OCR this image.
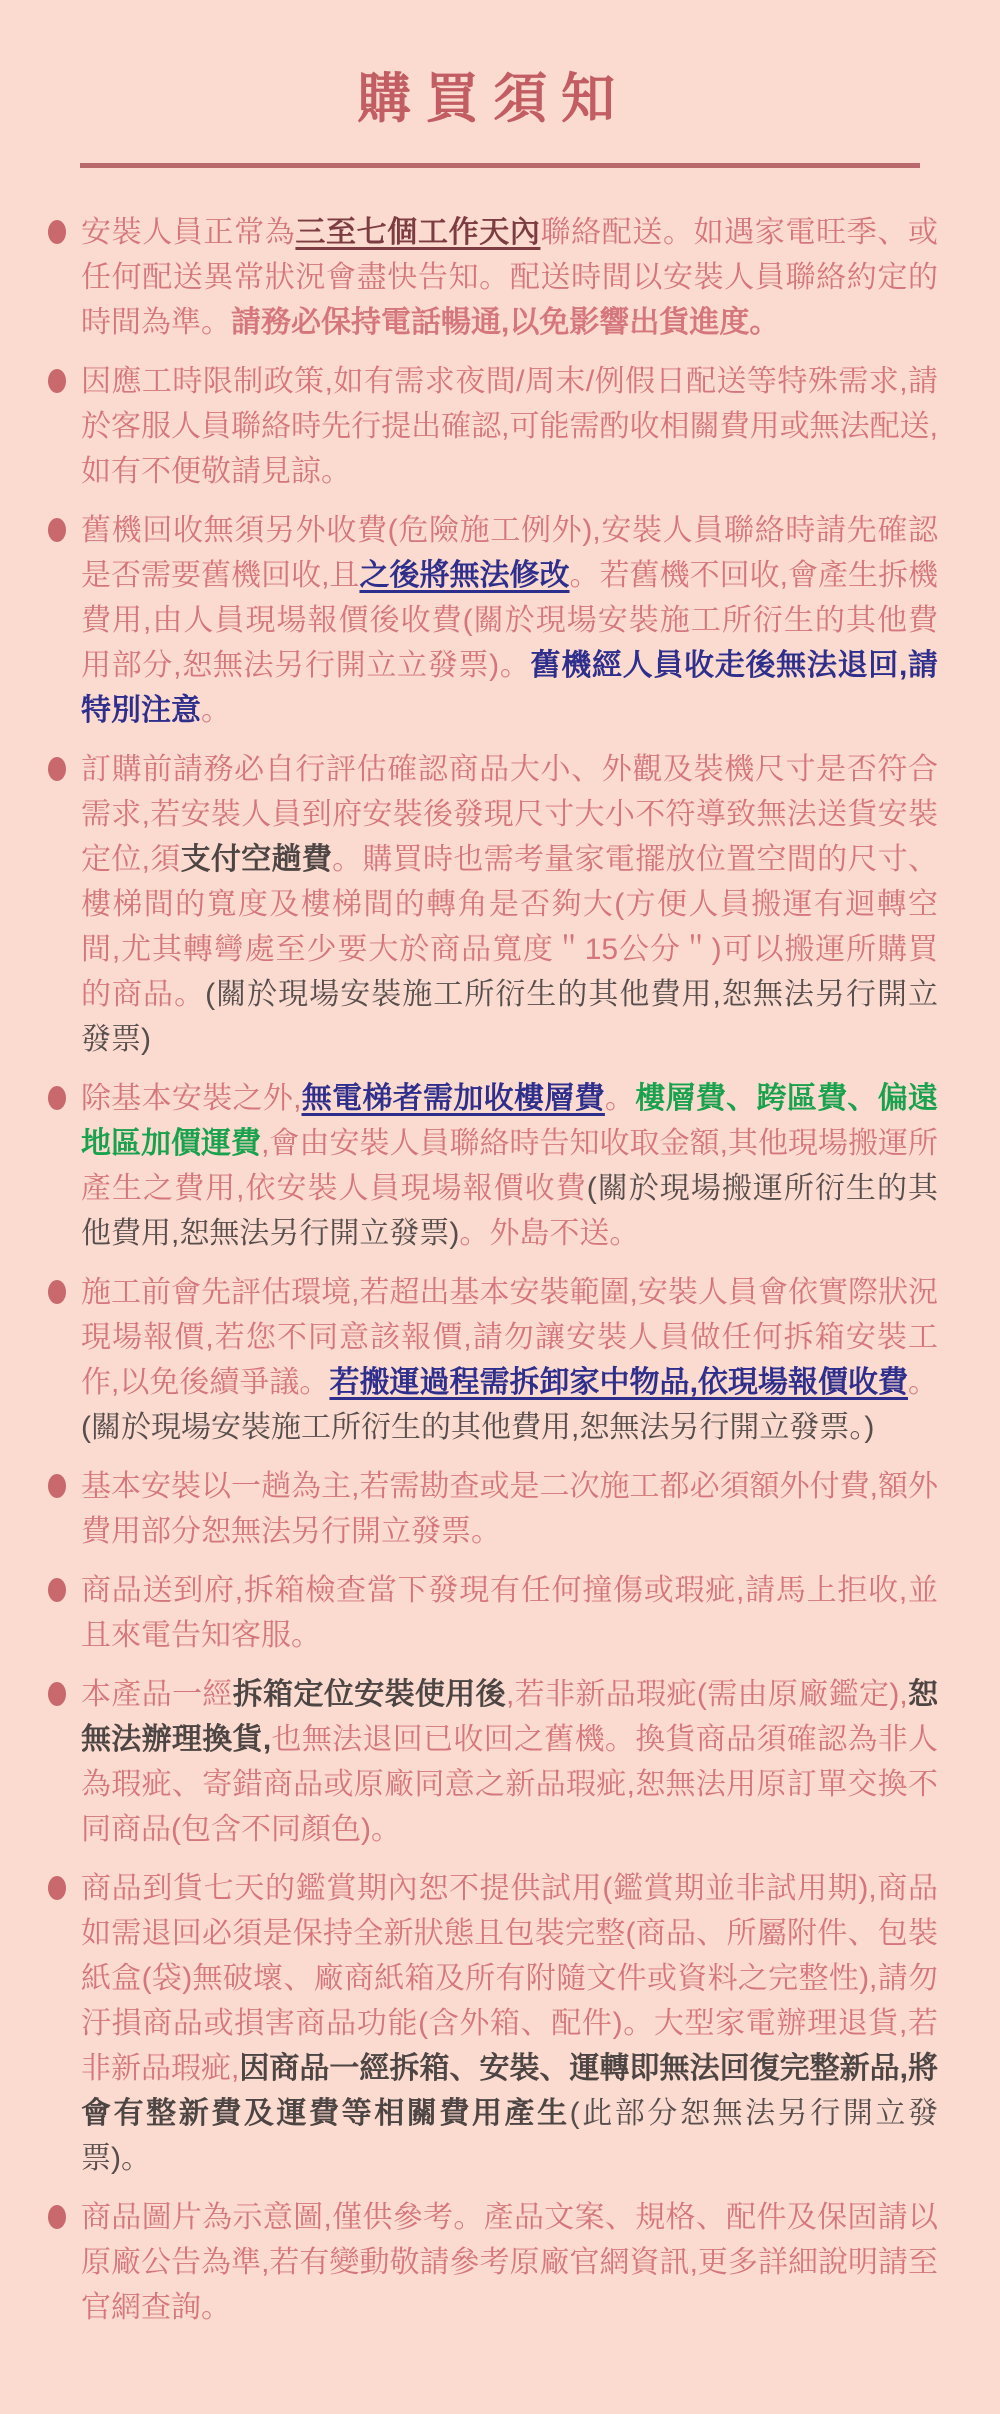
購買須知

安裝人員正常為三至七個工作天內聯絡配送。如遇家電旺季、或任何配送異常狀況會盡快告知。配送時間以安裝人員聯絡約定的時間為準。請務必保持電話暢通,以免影響出貨進度。

因應工時限制政策,如有需求夜間/周末/例假日配送等特殊需求,請於客服人員聯絡時先行提出確認,可能需酌收相關費用或無法配送,如有不便敬請見諒。

舊機回收無須另外收費(危險施工例外),安裝人員聯絡時請先確認是否需要舊機回收,且之後將無法修改。若舊機不回收,會產生拆機費用,由人員現場報價後收費(關於現場安裝施工所衍生的其他費用部分,恕無法另行開立立發票)。舊機經人員收走後無法退回,請特別注意。

訂購前請務必自行評估確認商品大小、外觀及裝機尺寸是否符合需求,若安裝人員到府安裝後發現尺寸大小不符導致無法送貨安裝定位,須支付空趟費。購買時也需考量家電擺放位置空間的尺寸、樓梯間的寬度及樓梯間的轉角是否夠大(方便人員搬運有迴轉空間,尤其轉彎處至少要大於商品寬度＂15公分＂)可以搬運所購買的商品。(關於現場安裝施工所衍生的其他費用,恕無法另行開立發票)

除基本安裝之外,無電梯者需加收樓層費。樓層費、跨區費、偏遠地區加價運費,會由安裝人員聯絡時告知收取金額,其他現場搬運所產生之費用,依安裝人員現場報價收費(關於現場搬運所衍生的其他費用,恕無法另行開立發票)。外島不送。

施工前會先評估環境,若超出基本安裝範圍,安裝人員會依實際狀況現場報價,若您不同意該報價,請勿讓安裝人員做任何拆箱安裝工作,以免後續爭議。若搬運過程需拆卸家中物品,依現場報價收費。(關於現場安裝施工所衍生的其他費用,恕無法另行開立發票。)

基本安裝以一趟為主,若需勘查或是二次施工都必須額外付費,額外費用部分恕無法另行開立發票。

商品送到府,拆箱檢查當下發現有任何撞傷或瑕疵,請馬上拒收,並且來電告知客服。

本產品一經拆箱定位安裝使用後,若非新品瑕疵(需由原廠鑑定),恕無法辦理換貨,也無法退回已收回之舊機。換貨商品須確認為非人為瑕疵、寄錯商品或原廠同意之新品瑕疵,恕無法用原訂單交換不同商品(包含不同顏色)。

商品到貨七天的鑑賞期內恕不提供試用(鑑賞期並非試用期),商品如需退回必須是保持全新狀態且包裝完整(商品、所屬附件、包裝紙盒(袋)無破壞、廠商紙箱及所有附隨文件或資料之完整性),請勿汙損商品或損害商品功能(含外箱、配件)。大型家電辦理退貨,若非新品瑕疵,因商品一經拆箱、安裝、運轉即無法回復完整新品,將會有整新費及運費等相關費用產生(此部分恕無法另行開立發票)。

商品圖片為示意圖,僅供參考。產品文案、規格、配件及保固請以原廠公告為準,若有變動敬請參考原廠官網資訊,更多詳細說明請至官網查詢。
